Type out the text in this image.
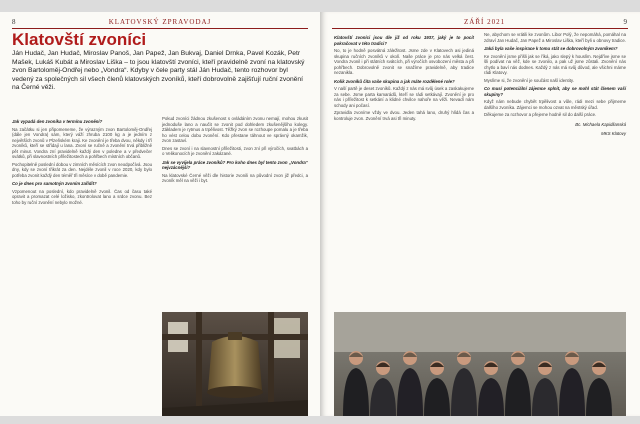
8	KLATOVSKÝ ZPRAVODAJ
Klatovští zvoníci
Ján Hudač, Jan Hudač, Miroslav Panoš, Jan Papež, Jan Bukvaj, Daniel Drnka, Pavel Kozák, Petr Mašek, Lukáš Kubát a Miroslav Liška – to jsou klatovští zvoníci, kteří pravidelně zvoní na klatovský zvon Bartoloměj-Ondřej nebo „Vondra“. Kdyby v čele party stál Ján Hudač, tento rozhovor byl vedený za společných sil všech členů klatovských zvoníků, kteří dobrovolně zajišťují ruční zvonění na Černé věži.

Jak vypadá den zvoníka v termínu zvonění?

Na začátku si jen připomeneme, že výrazným zvon Bartoloměj-Ondřej (dále jen Vondra) sám, který váží zhruba 2100 kg a je jedním z největších zvonů v Plzeňském kraji. Ke zvonění je třeba dvou, někdy i tří zvoníků, kteří se střídají u lana. Zvoní se ručně a zvonění trvá přibližně pět minut. Vondra zní pravidelně každý den v poledne a v předvečer svátků, při slavnostních příležitostech a pohřbech místních občanů.

Pochopitelně poslední dobou v zimních měsících zvon neodpočívá. Jsou dny, kdy se zvoní třikrát za den. Nejdéle zvonil v roce 2020, kdy bylo potřeba zvonit každý den téměř tři měsíce v době pandemie.

Co je dnes pro samotnýn zvoním zařídit?

Vzpomenout na poslední, kdo pravidelně zvonil. Čas od času také opravit a promazat celé ložisko, zkontrolovat lano a srdce zvonu. Bez toho by ruční zvonění nebylo možné.

Pokud zvoníci žádnou zkušenost s ovládáním zvonu nemají, mohou zkusit jednoduše lano a naučit se zvonit pod dohledem zkušenějšího kolegy. Základem je rytmus a trpělivost. Těžký zvon se rozhoupe pomalu a je třeba ho vést celou dobu zvonění. Kdo přestane táhnout ve správný okamžik, zvon zastaví.

Dnes se zvoní i na slavnostní příležitosti, zvon zní při výročích, svatbách a o Velikonocích je zvonění zakázané.

Jak se vyvíjela práce zvoníků? Pro koho dnes byl tento zvon „Vondra“ nejvzácnější?

Na klatovské Černé věži dle historie zvonili na původní zvon již předci, a zvoník měl na věži i byt.

ZÁŘÍ 2021	9

Klatovští zvoníci jsou dle již od roku 1937, jaký je to pocit pokračovat v této tradici?

No, to je hodně posvátná záležitost. Jsme zde v Klatovech asi jediná skupina ručních zvoníků v okolí. Naše práce je pro nás velká čest. Vondra zvonil i při státních svátcích, při výročích osvobození města a při pohřbech. Dobrovolně zvonit se snažíme pravidelně, aby tradice nezanikla.

Kolik zvoníků číta vaše skupina a jak máte rozdělené role?

V naší partě je deset zvoníků. Každý z nás má svůj úsek a zaskakujeme za sebe. Jsme parta kamarádů, kteří se rádi setkávají. Zvonění je pro nás i příležitost k setkání a klidné chvilce nahoře na věži. Nevadí nám schody ani počasí.

Zpravidla zvoníme vždy ve dvou. Jeden tahá lano, druhý hlídá čas a kontroluje zvon. Zvonění trvá asi tři minuty.

Ne, abychom se vrátili ke zvonům. Libor Polý, že nepomáhá, pomáhal na zdraví Jan Hudač, Jan Papež a Miroslav Liška, kteří byli u obnovy tradice.

Jaká byla vaše inspirace k tomu stát se dobrovolným zvoníkem?

Ke zvonění jsme přišli jak se říká, jako slepý k houslím. Nejdříve jsme se šli podívat na věž, kde se zvonilo, a pak už jsme zůstali. Zvonění nás chytlo a baví nás dodnes. Každý z nás má svůj důvod, ale všichni máme rádi Klatovy.

Myslíme si, že zvonění je součást naší identity.

Co musí potenciální zájemce splnit, aby se mohl stát členem vaší skupiny?

Když nám nebude chybět trpělivost a vůle, rádi mezi sebe přijmeme dalšího zvoníka. Zájemci se mohou ozvat na městský úřad.

Děkujeme za rozhovor a přejeme hodně sil do další práce.

Bc. Michaela Kapidlianská

MKS Klatovy
